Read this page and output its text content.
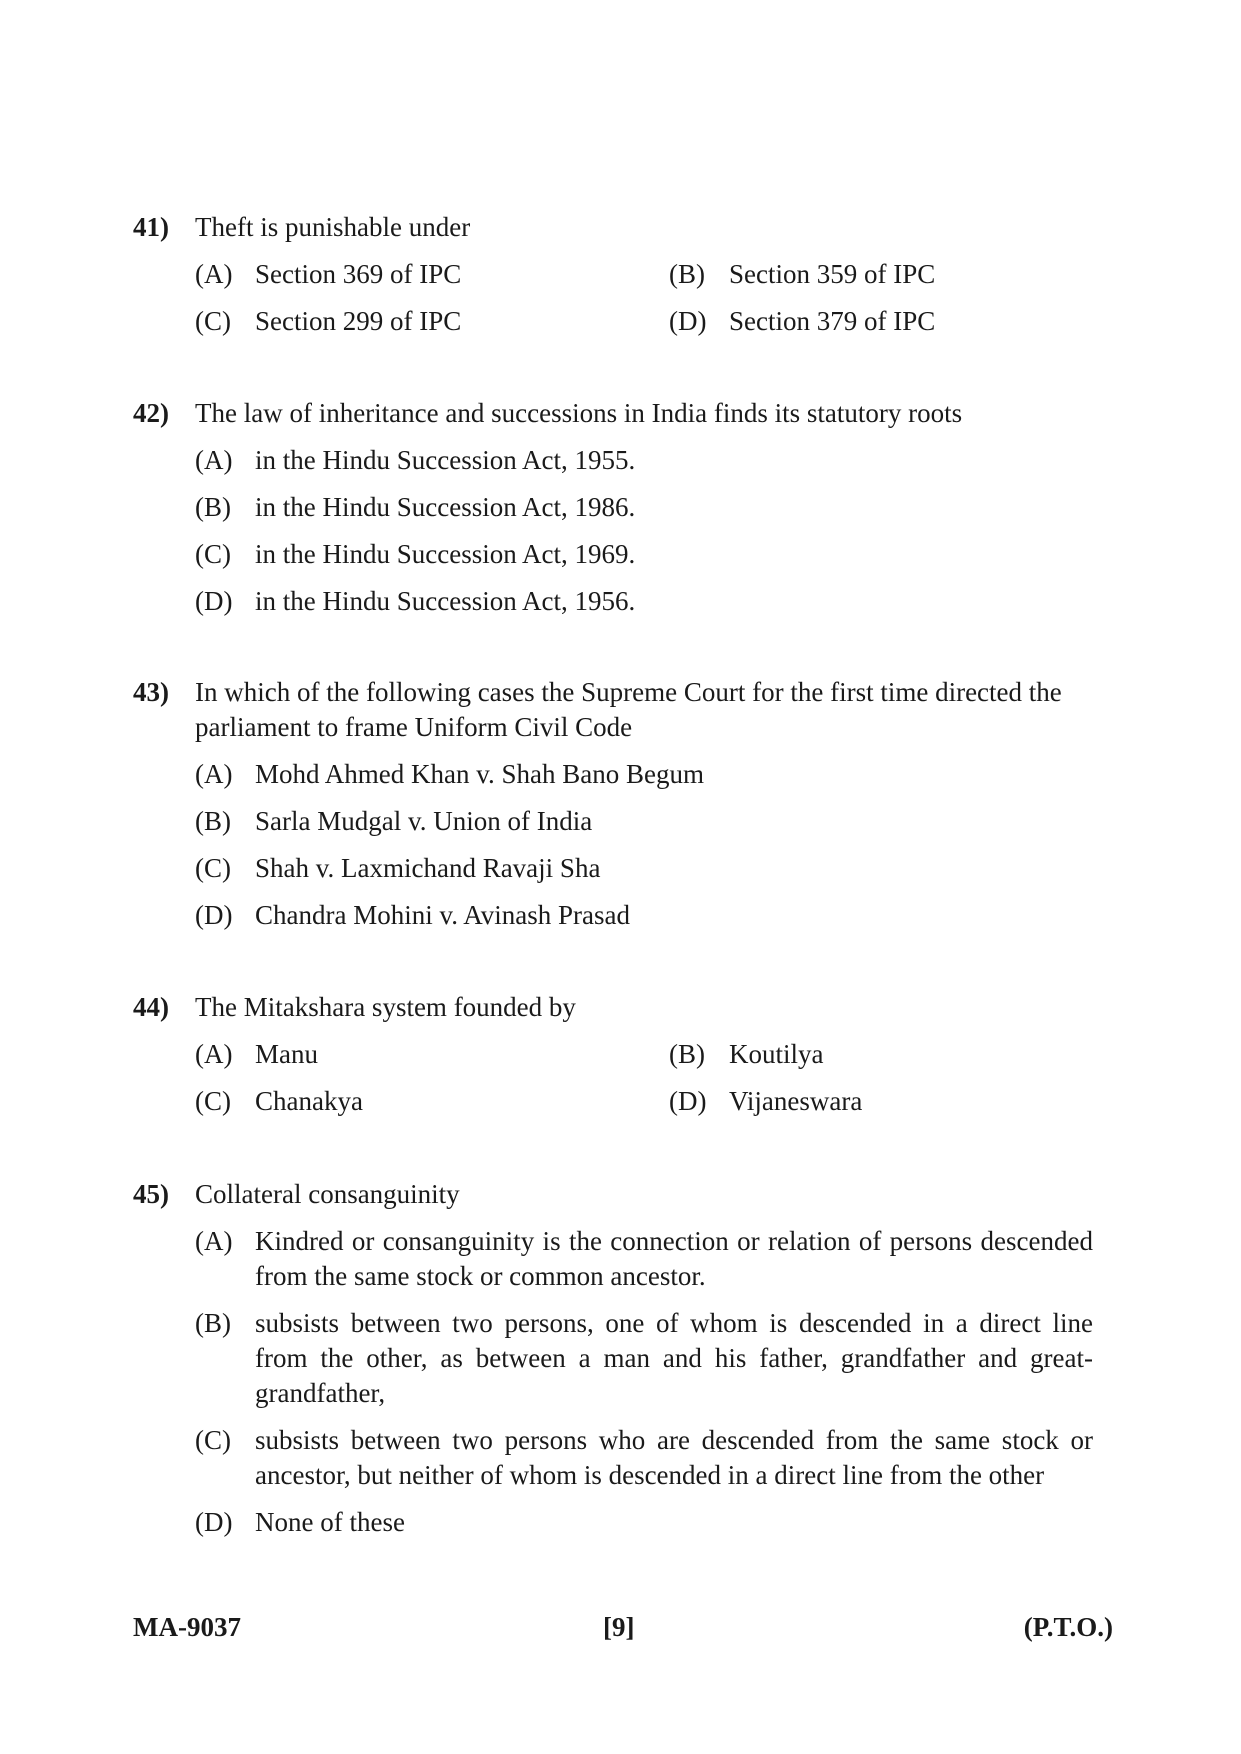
41) Theft is punishable under
(A) Section 369 of IPC	(B) Section 359 of IPC
(C) Section 299 of IPC	(D) Section 379 of IPC
42) The law of inheritance and successions in India finds its statutory roots
(A) in the Hindu Succession Act, 1955.
(B) in the Hindu Succession Act, 1986.
(C) in the Hindu Succession Act, 1969.
(D) in the Hindu Succession Act, 1956.
43) In which of the following cases the Supreme Court for the first time directed the parliament to frame Uniform Civil Code
(A) Mohd Ahmed Khan v. Shah Bano Begum
(B) Sarla Mudgal v. Union of India
(C) Shah v. Laxmichand Ravaji Sha
(D) Chandra Mohini v. Avinash Prasad
44) The Mitakshara system founded by
(A) Manu	(B) Koutilya
(C) Chanakya	(D) Vijaneswara
45) Collateral consanguinity
(A) Kindred or consanguinity is the connection or relation of persons descended from the same stock or common ancestor.
(B) subsists between two persons, one of whom is descended in a direct line from the other, as between a man and his father, grandfather and great-grandfather,
(C) subsists between two persons who are descended from the same stock or ancestor, but neither of whom is descended in a direct line from the other
(D) None of these
MA-9037	[9]	(P.T.O.)
